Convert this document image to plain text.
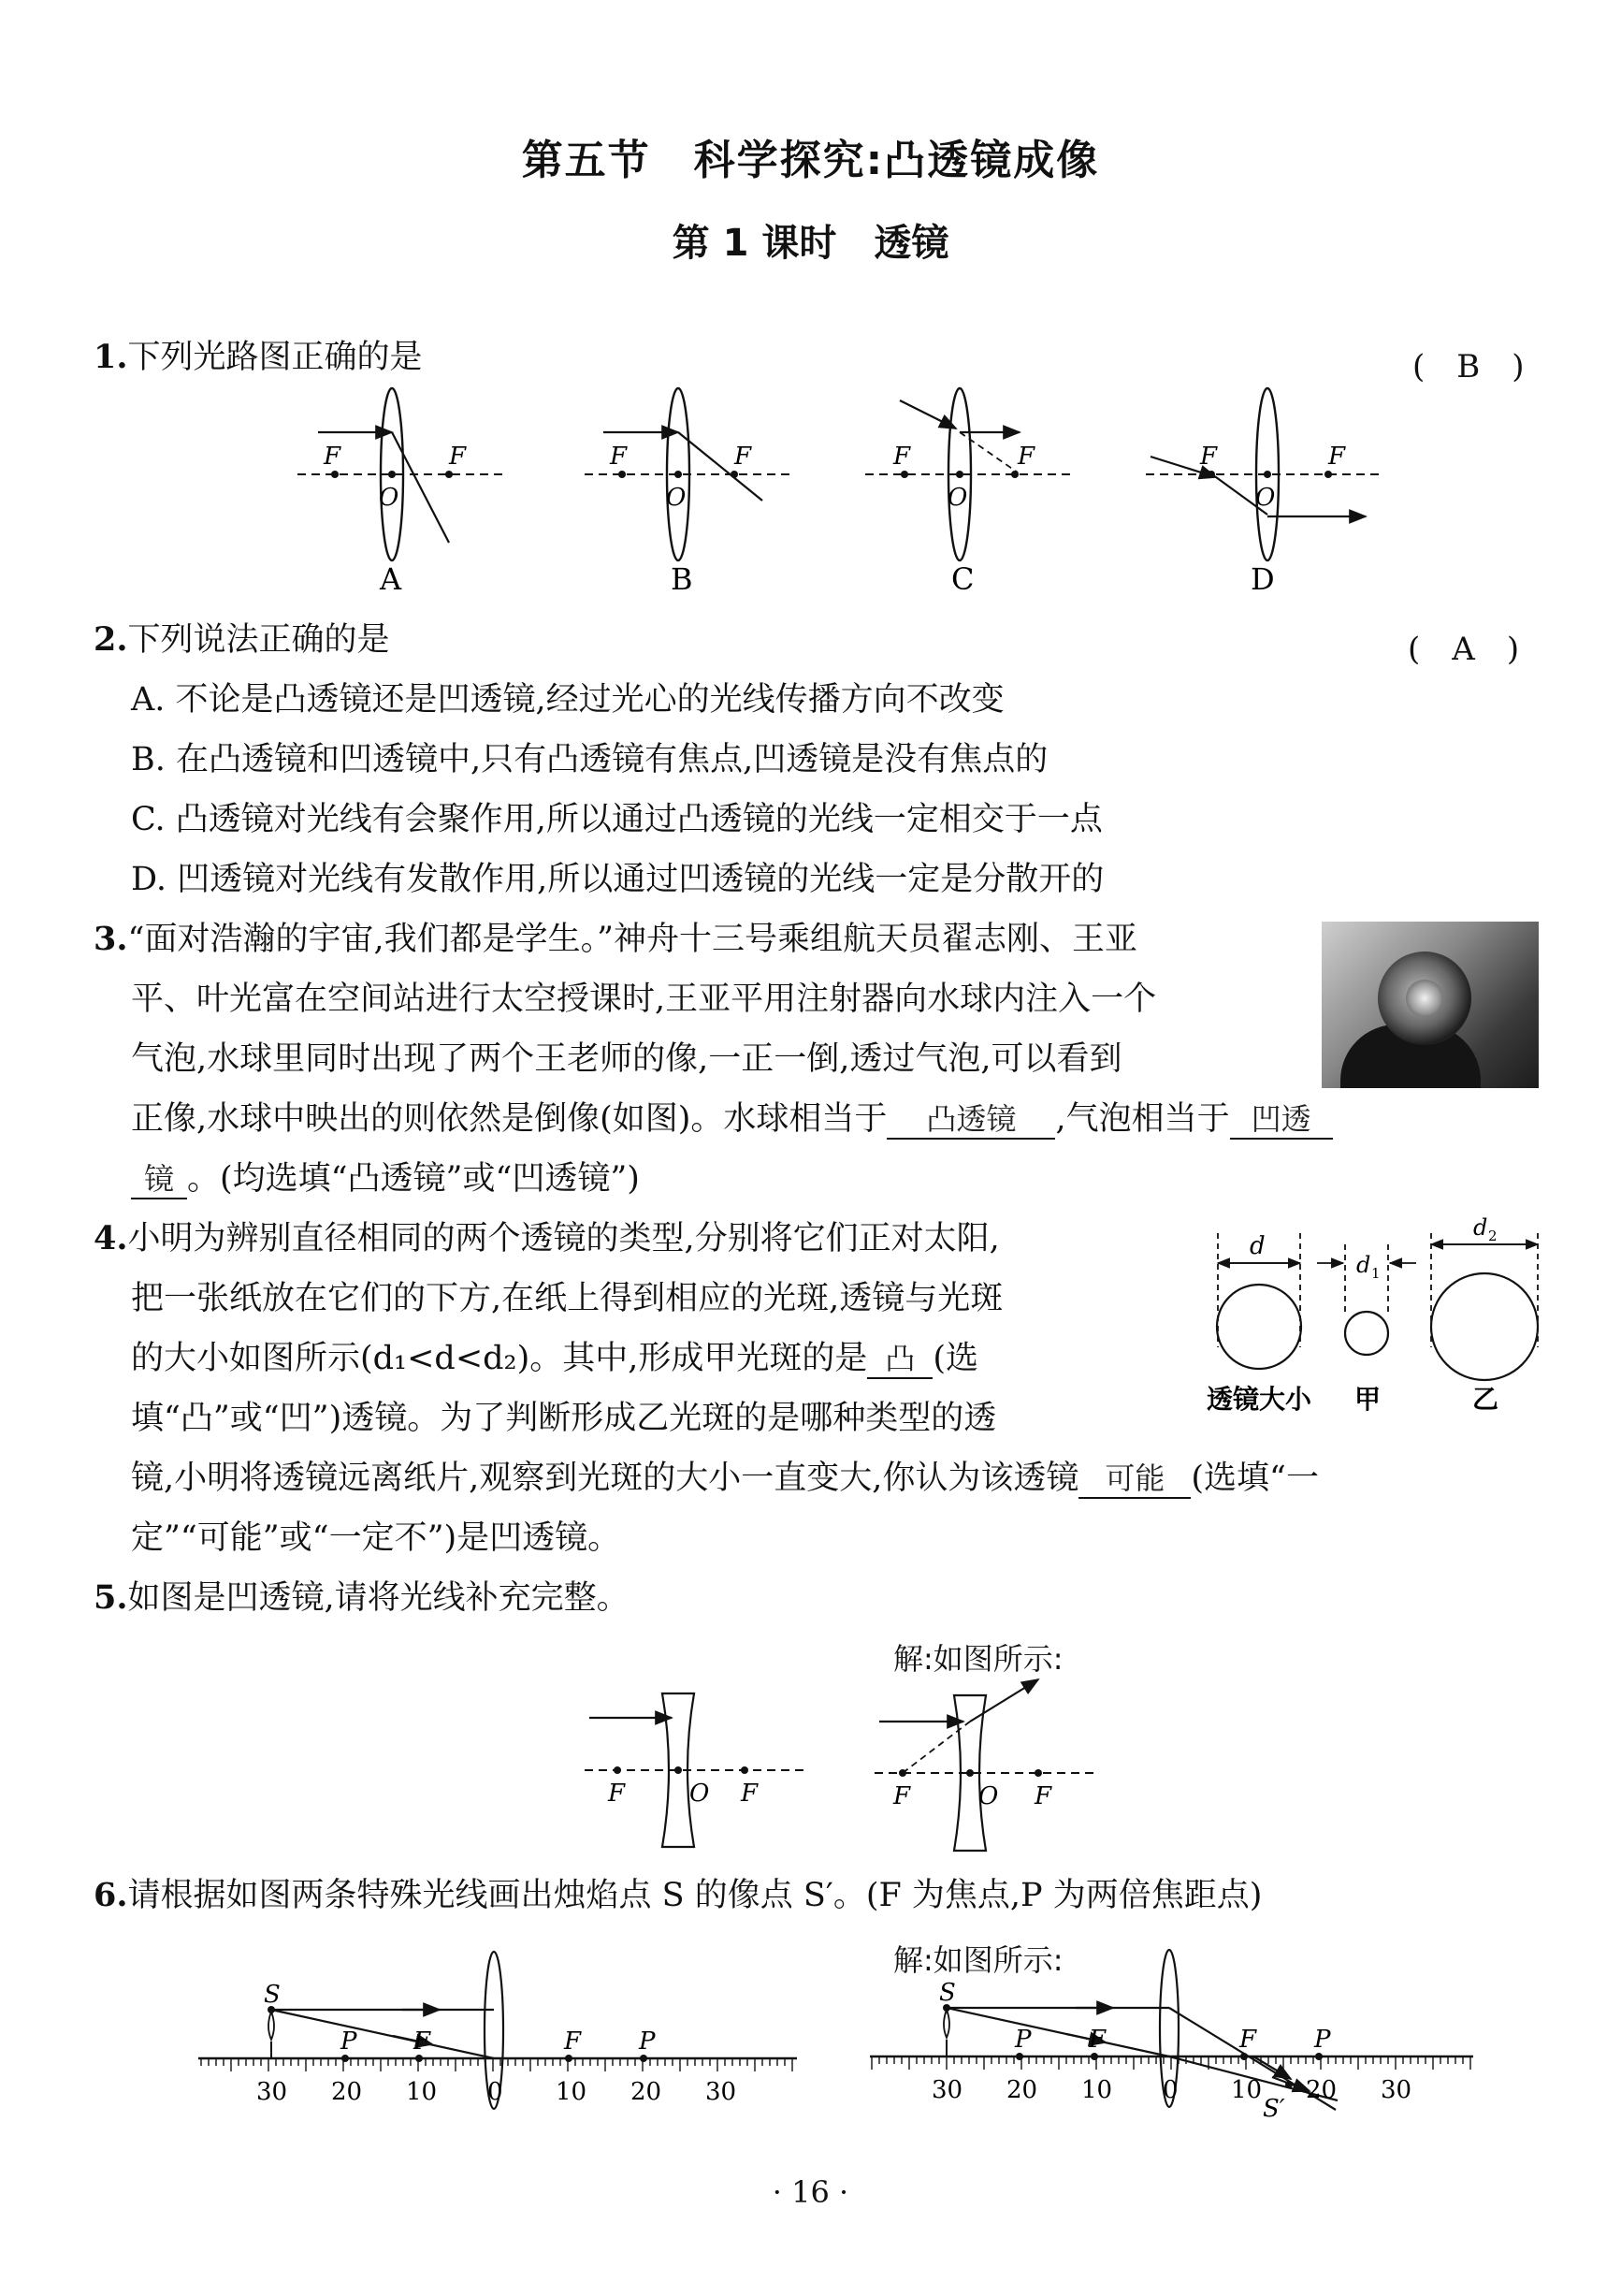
第五节　科学探究:凸透镜成像
第 1 课时　透镜
1.下列光路图正确的是	(　B　)
F	F
O
A
F	F
O
B
F	F
O
C
F	F
O
D
2.下列说法正确的是	(　A　)
A. 不论是凸透镜还是凹透镜,经过光心的光线传播方向不改变
B. 在凸透镜和凹透镜中,只有凸透镜有焦点,凹透镜是没有焦点的
C. 凸透镜对光线有会聚作用,所以通过凸透镜的光线一定相交于一点
D. 凹透镜对光线有发散作用,所以通过凹透镜的光线一定是分散开的
3.“面对浩瀚的宇宙,我们都是学生。”神舟十三号乘组航天员翟志刚、王亚
平、叶光富在空间站进行太空授课时,王亚平用注射器向水球内注入一个
气泡,水球里同时出现了两个王老师的像,一正一倒,透过气泡,可以看到
正像,水球中映出的则依然是倒像(如图)。水球相当于 凸透镜 ,气泡相当于 凹透
镜 。(均选填“凸透镜”或“凹透镜”)
4.小明为辨别直径相同的两个透镜的类型,分别将它们正对太阳,
把一张纸放在它们的下方,在纸上得到相应的光斑,透镜与光斑
的大小如图所示(d₁<d<d₂)。其中,形成甲光斑的是 凸 (选
填“凸”或“凹”)透镜。为了判断形成乙光斑的是哪种类型的透
镜,小明将透镜远离纸片,观察到光斑的大小一直变大,你认为该透镜 可能 (选填“一
定”“可能”或“一定不”)是凹透镜。
d
d 1
d 2
透镜大小 甲	乙
5.如图是凹透镜,请将光线补充完整。
解:如图所示:
F	O F	F	O F
6.请根据如图两条特殊光线画出烛焰点 S 的像点 S′。(F 为焦点,P 为两倍焦距点)
解:如图所示:
S
P F	F P
30 20 10 0 10 20 30
S
P F	F P
S′
30 20 10 0 10 20 30
· 16 ·
